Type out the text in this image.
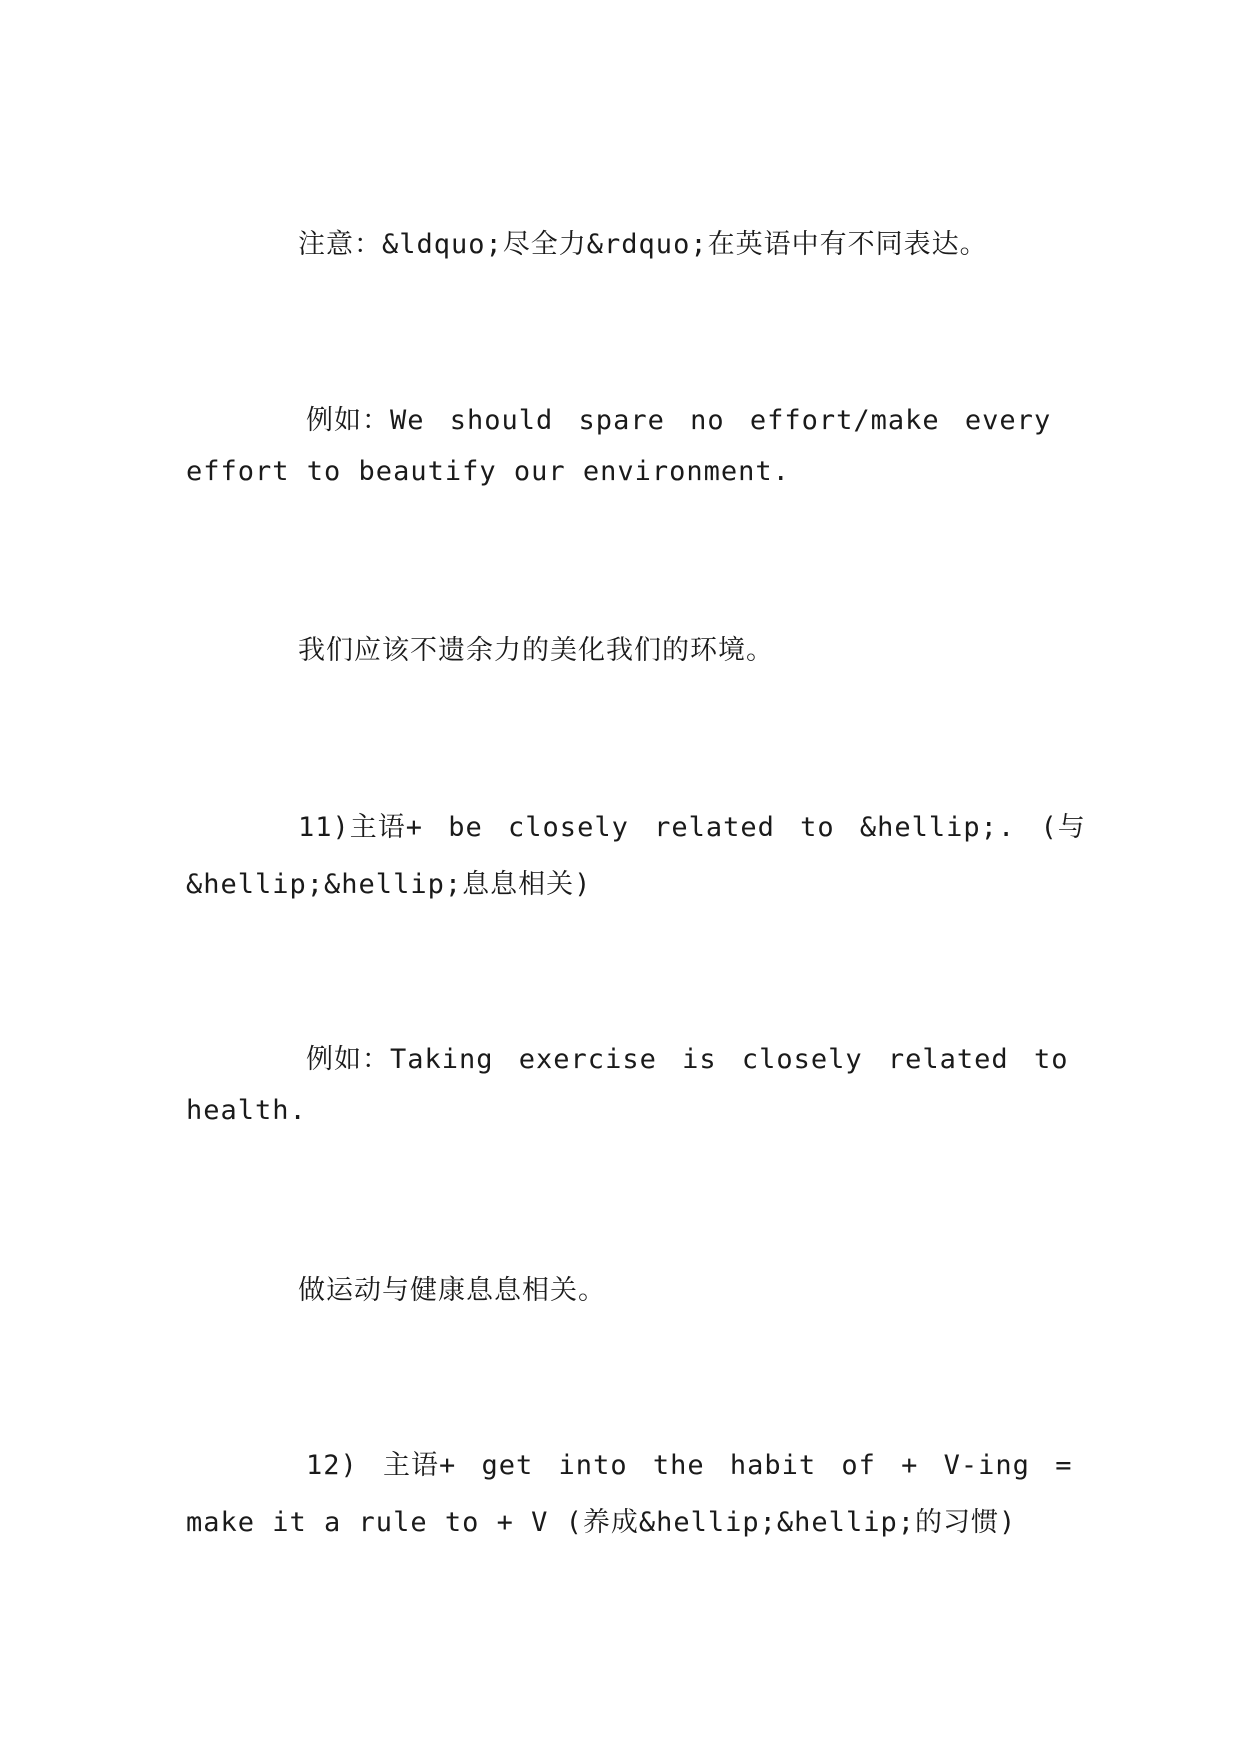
注意：&ldquo;尽全力&rdquo;在英语中有不同表达。
例如：We should spare no effort/make every
effort to beautify our environment.
我们应该不遗余力的美化我们的环境。
11)主语+ be closely related to &hellip;. (与
&hellip;&hellip;息息相关)
例如：Taking exercise is closely related to
health.
做运动与健康息息相关。
12) 主语+ get into the habit of + V-ing =
make it a rule to + V (养成&hellip;&hellip;的习惯)
